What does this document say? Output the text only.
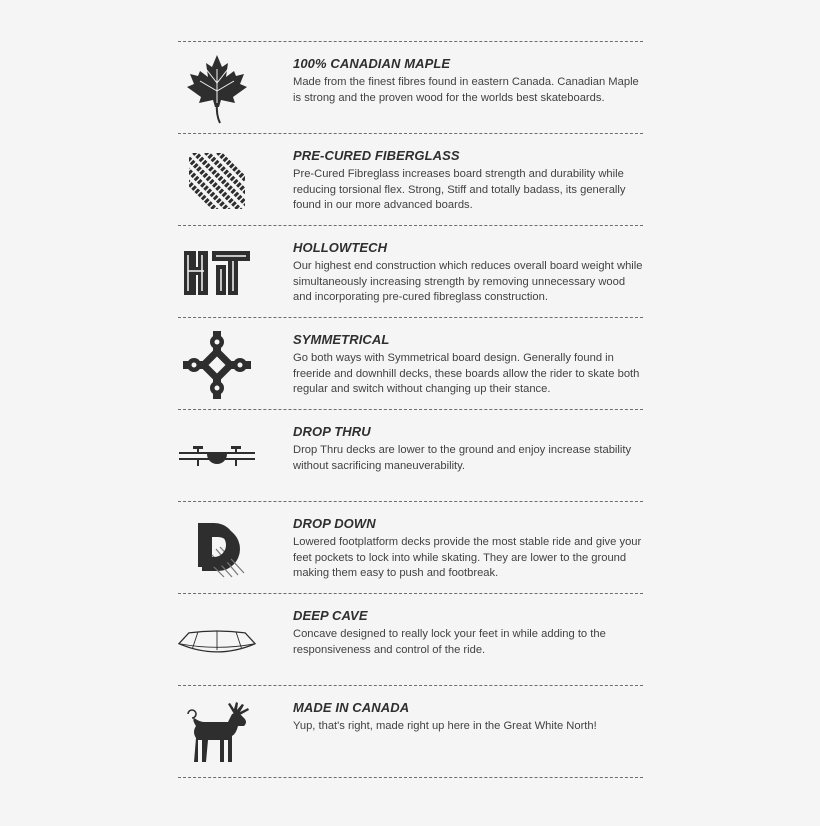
100% CANADIAN MAPLE

Made from the finest fibres found in eastern Canada. Canadian Maple is strong and the proven wood for the worlds best skateboards.

PRE-CURED FIBERGLASS

Pre-Cured Fibreglass increases board strength and durability while reducing torsional flex. Strong, Stiff and totally badass, its generally found in our more advanced boards.

HOLLOWTECH

Our highest end construction which reduces overall board weight while simultaneously increasing strength by removing unnecessary wood and incorporating pre-cured fibreglass construction.

SYMMETRICAL

Go both ways with Symmetrical board design. Generally found in freeride and downhill decks, these boards allow the rider to skate both regular and switch without changing up their stance.

DROP THRU

Drop Thru decks are lower to the ground and enjoy increase stability without sacrificing maneuverability.

DROP DOWN

Lowered footplatform decks provide the most stable ride and give your feet pockets to lock into while skating. They are lower to the ground making them easy to push and footbreak.

DEEP CAVE

Concave designed to really lock your feet in while adding to the responsiveness and control of the ride.

MADE IN CANADA

Yup, that's right, made right up here in the Great White North!
